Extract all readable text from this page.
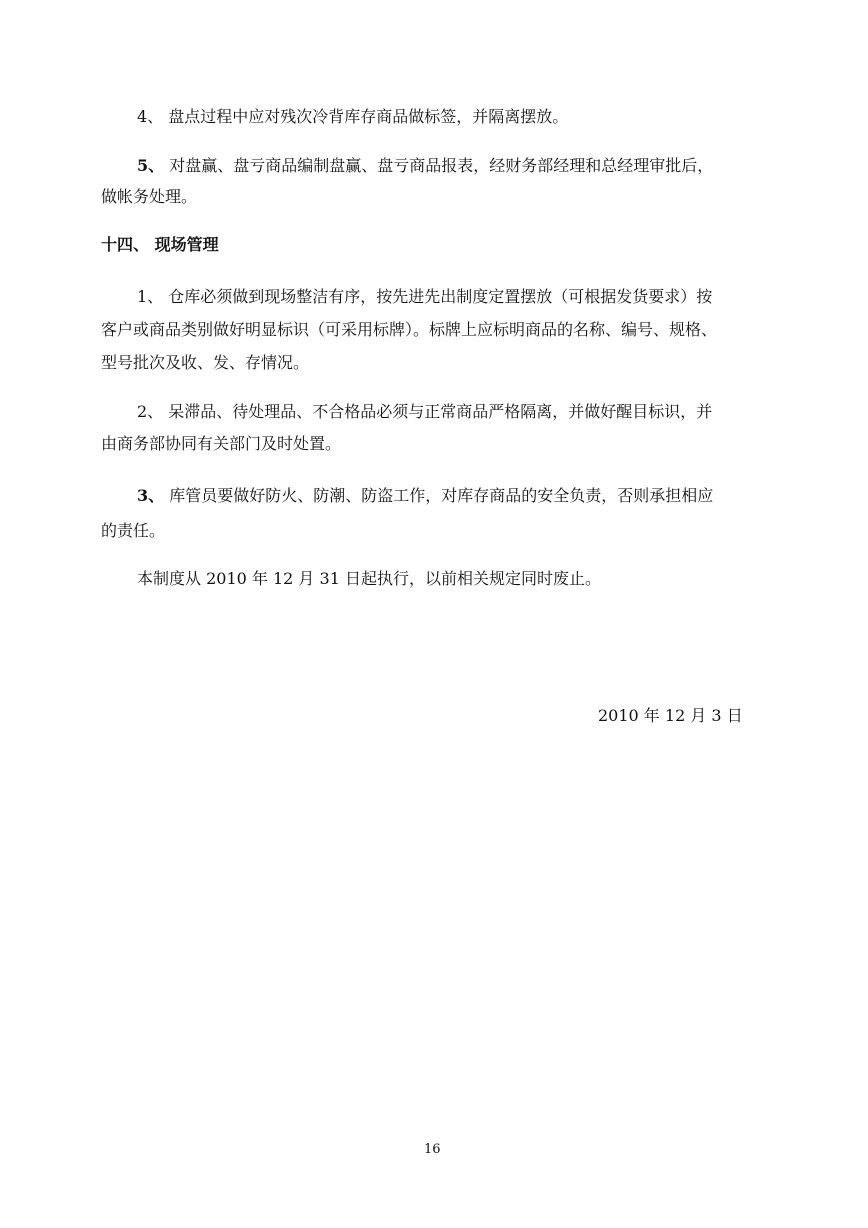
4、 盘点过程中应对残次冷背库存商品做标签，并隔离摆放。

5、 对盘赢、盘亏商品编制盘赢、盘亏商品报表，经财务部经理和总经理审批后，

做帐务处理。

十四、 现场管理

1、 仓库必须做到现场整洁有序，按先进先出制度定置摆放（可根据发货要求）按

客户或商品类别做好明显标识（可采用标牌）。标牌上应标明商品的名称、编号、规格、

型号批次及收、发、存情况。

2、 呆滞品、待处理品、不合格品必须与正常商品严格隔离，并做好醒目标识，并

由商务部协同有关部门及时处置。

3、 库管员要做好防火、防潮、防盗工作，对库存商品的安全负责，否则承担相应

的责任。

本制度从 2010 年 12 月 31 日起执行，以前相关规定同时废止。

2010 年 12 月 3 日

16
